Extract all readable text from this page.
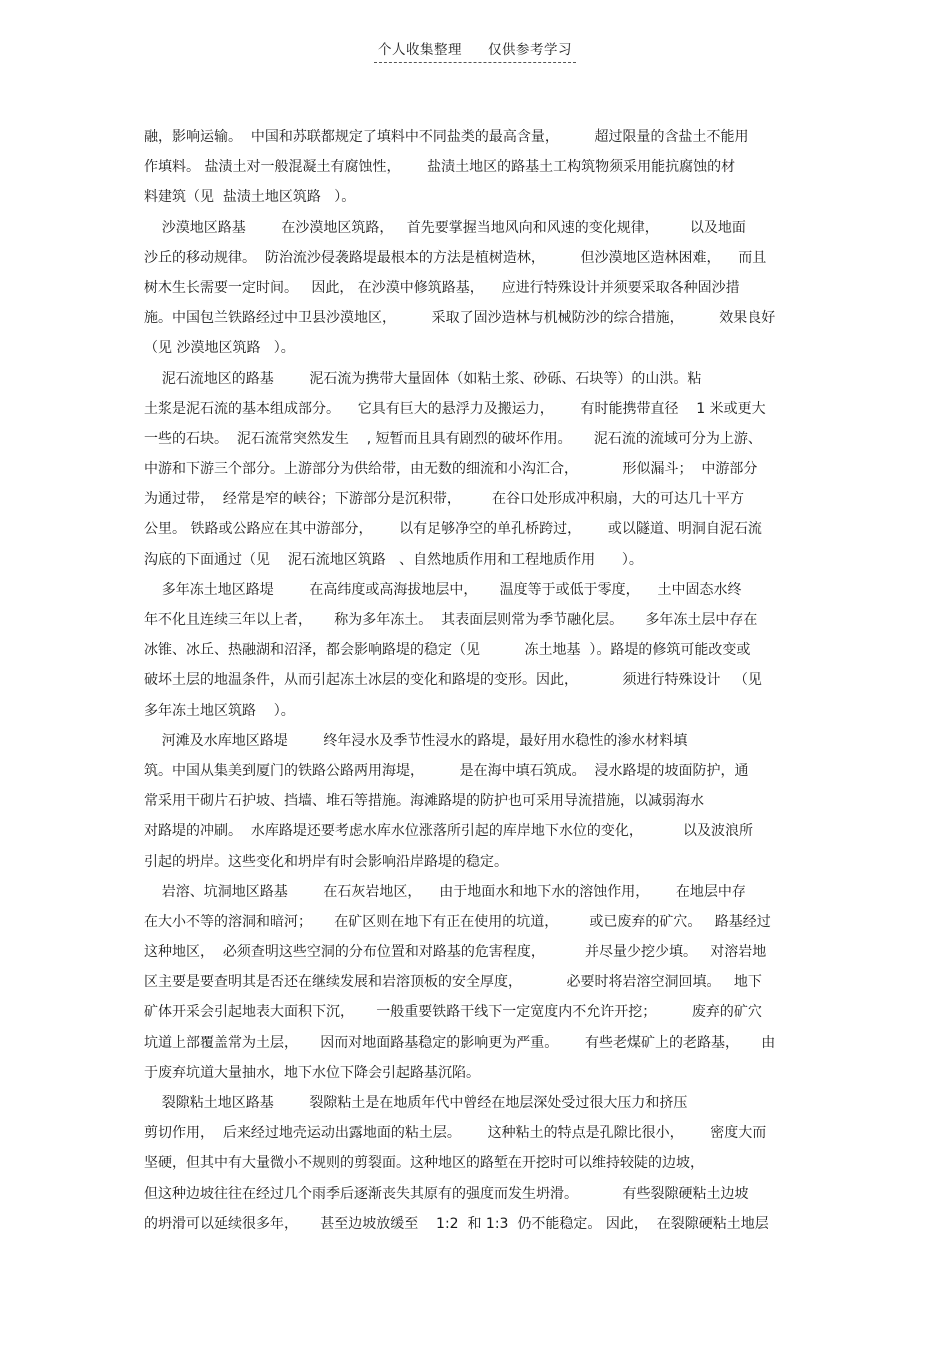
个人收集整理 仅供参考学习
融，影响运输。  中国和苏联都规定了填料中不同盐类的最高含量，        超过限量的含盐土不能用
作填料。 盐渍土对一般混凝土有腐蚀性，      盐渍土地区的路基土工构筑物须采用能抗腐蚀的材
料建筑（见  盐渍土地区筑路   ）。
沙漠地区路基        在沙漠地区筑路，   首先要掌握当地风向和风速的变化规律，       以及地面
沙丘的移动规律。  防治流沙侵袭路堤最根本的方法是植树造林，        但沙漠地区造林困难，    而且
树木生长需要一定时间。   因此， 在沙漠中修筑路基，    应进行特殊设计并须要采取各种固沙措
施。中国包兰铁路经过中卫县沙漠地区，        采取了固沙造林与机械防沙的综合措施，        效果良好
（见 沙漠地区筑路   ）。
泥石流地区的路基        泥石流为携带大量固体（如粘土浆、砂砾、石块等）的山洪。粘
土浆是泥石流的基本组成部分。    它具有巨大的悬浮力及搬运力，      有时能携带直径    1 米或更大
一些的石块。  泥石流常突然发生    , 短暂而且具有剧烈的破坏作用。     泥石流的流域可分为上游、
中游和下游三个部分。上游部分为供给带，由无数的细流和小沟汇合，          形似漏斗；  中游部分
为通过带，  经常是窄的峡谷；下游部分是沉积带，       在谷口处形成冲积扇，大的可达几十平方
公里。 铁路或公路应在其中游部分，      以有足够净空的单孔桥跨过，      或以隧道、明洞自泥石流
沟底的下面通过（见    泥石流地区筑路   、自然地质作用和工程地质作用      ）。
多年冻土地区路堤        在高纬度或高海拔地层中，     温度等于或低于零度，    土中固态水终
年不化且连续三年以上者，     称为多年冻土。  其表面层则常为季节融化层。     多年冻土层中存在
冰锥、冰丘、热融湖和沼泽，都会影响路堤的稳定（见          冻土地基  ）。路堤的修筑可能改变或
破坏土层的地温条件，从而引起冻土冰层的变化和路堤的变形。因此，          须进行特殊设计   （见
多年冻土地区筑路    ）。
河滩及水库地区路堤        终年浸水及季节性浸水的路堤，最好用水稳性的渗水材料填
筑。中国从集美到厦门的铁路公路两用海堤，        是在海中填石筑成。  浸水路堤的坡面防护，通
常采用干砌片石护坡、挡墙、堆石等措施。海滩路堤的防护也可采用导流措施，以减弱海水
对路堤的冲刷。  水库路堤还要考虑水库水位涨落所引起的库岸地下水位的变化，         以及波浪所
引起的坍岸。这些变化和坍岸有时会影响沿岸路堤的稳定。
岩溶、坑洞地区路基        在石灰岩地区，    由于地面水和地下水的溶蚀作用，      在地层中存
在大小不等的溶洞和暗河；     在矿区则在地下有正在使用的坑道，       或已废弃的矿穴。   路基经过
这种地区，  必须查明这些空洞的分布位置和对路基的危害程度，         并尽量少挖少填。   对溶岩地
区主要是要查明其是否还在继续发展和岩溶顶板的安全厚度，          必要时将岩溶空洞回填。   地下
矿体开采会引起地表大面积下沉，     一般重要铁路干线下一定宽度内不允许开挖；        废弃的矿穴
坑道上部覆盖常为土层，     因而对地面路基稳定的影响更为严重。      有些老煤矿上的老路基，     由
于废弃坑道大量抽水，地下水位下降会引起路基沉陷。
裂隙粘土地区路基        裂隙粘土是在地质年代中曾经在地层深处受过很大压力和挤压
剪切作用，  后来经过地壳运动出露地面的粘土层。      这种粘土的特点是孔隙比很小，      密度大而
坚硬，但其中有大量微小不规则的剪裂面。这种地区的路堑在开挖时可以维持较陡的边坡，
但这种边坡往往在经过几个雨季后逐渐丧失其原有的强度而发生坍滑。          有些裂隙硬粘土边坡
的坍滑可以延续很多年，     甚至边坡放缓至    1:2  和 1:3  仍不能稳定。 因此，  在裂隙硬粘土地层
